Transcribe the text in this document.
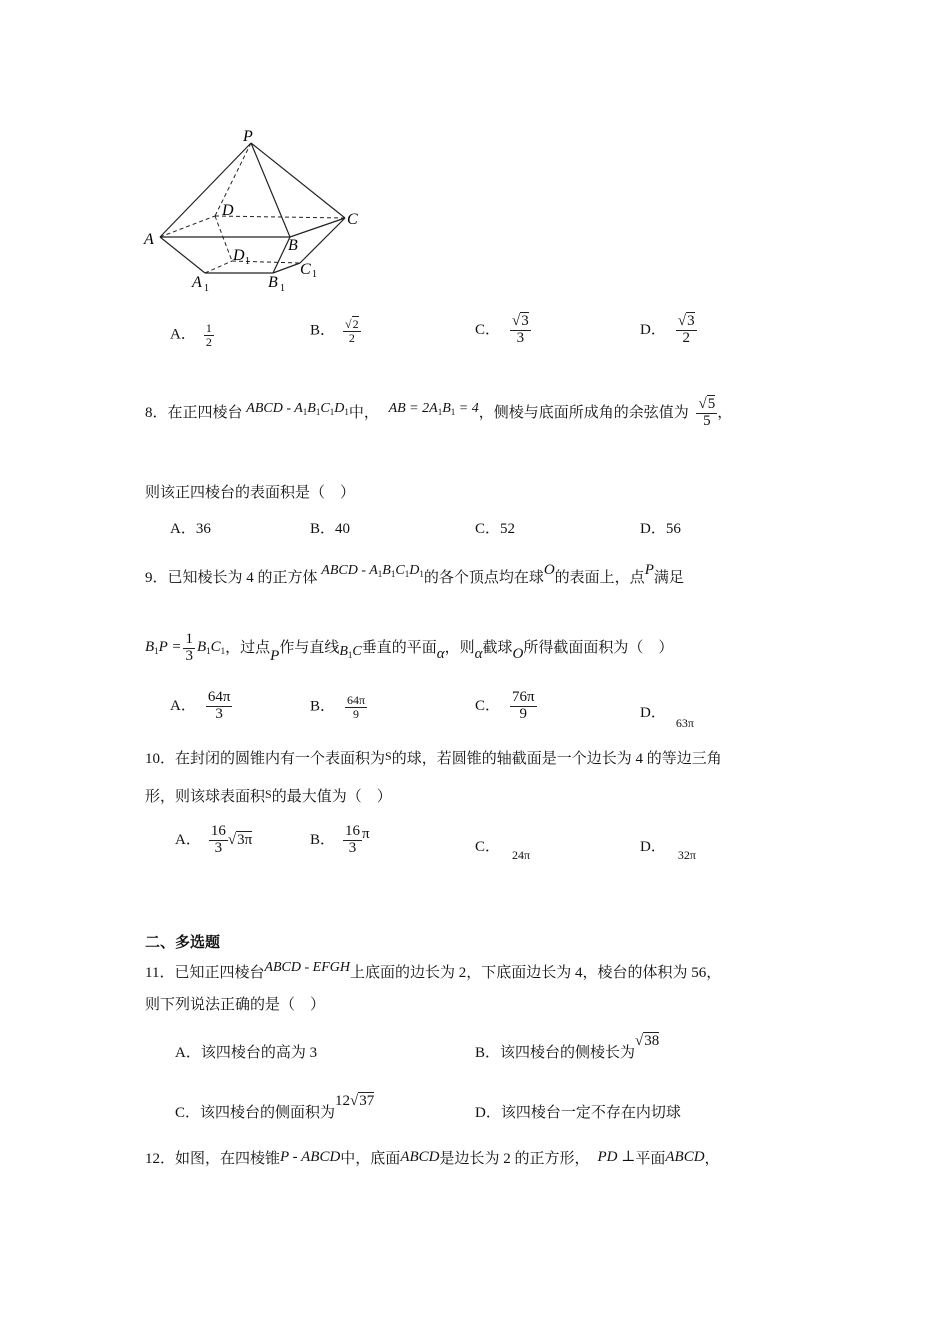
P
A
D
C
B
D 1	C 1
A 1	B 1
A． $\frac{1}{2}$	B． $\frac{√2}{2}$	C． $\frac{√3}{3}$	D． $\frac{√3}{2}$
8．在正四棱台 ABCD - $A_1B_1C_1D_1$中， AB = $2A_1B_1 = 4$，侧棱与底面所成角的余弦值为 $\frac{√5}{5}$ ，
则该正四棱台的表面积是（　）
A．36	B．40	C．52	D．56
9．已知棱长为 4 的正方体 ABCD - $A_1B_1C_1D_1$的各个顶点均在球O的表面上，点P满足
$B_1P = \frac{1}{3} B_1C_1$，过点P作与直线$B_1C$垂直的平面α，则α截球O所得截面面积为（　）
A． $\frac{64\pi}{3}$	B． $\frac{64\pi}{9}$	C． $\frac{76\pi}{9}$	D．$_{63\pi}$
10．在封闭的圆锥内有一个表面积为$^S$的球，若圆锥的轴截面是一个边长为 4 的等边三角
形，则该球表面积$^S$的最大值为（　）
A． $\frac{16}{3} √3\pi$	B． $\frac{16}{3}$ π
C． $_{24\pi}$	D． $_{32\pi}$
二、多选题
11．已知正四棱台ABCD - EFGH上底面的边长为 2，下底面边长为 4，棱台的体积为 56，
则下列说法正确的是（　）
A．该四棱台的高为 3	B．该四棱台的侧棱长为√38
C．该四棱台的侧面积为12√37
D．该四棱台一定不存在内切球
12．如图，在四棱锥P - ABCD中，底面ABCD是边长为 2 的正方形， PD ⊥平面ABCD，
